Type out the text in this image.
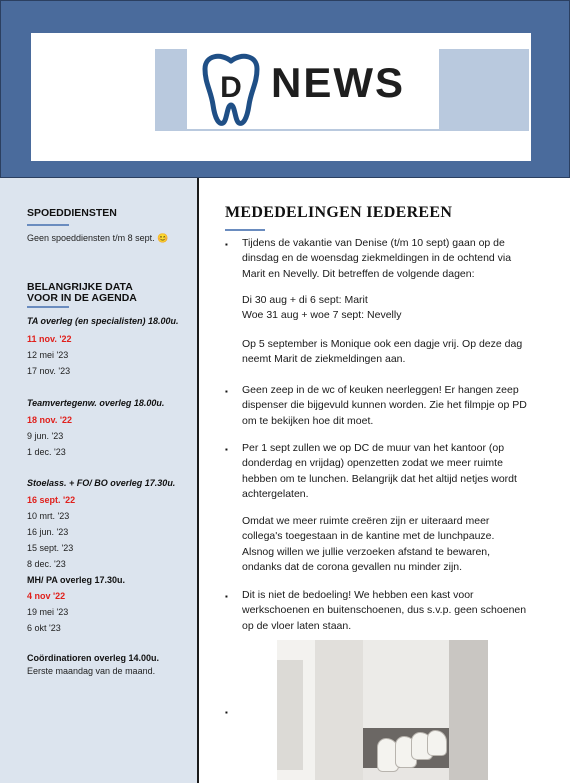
D NEWS
SPOEDDIENSTEN
Geen spoeddiensten t/m 8 sept. 😊
BELANGRIJKE DATA
VOOR IN DE AGENDA
TA overleg (en specialisten) 18.00u.
11 nov. '22
12 mei '23
17 nov. '23
Teamvertegenw. overleg 18.00u.
18 nov. '22
9 jun. '23
1 dec. '23
Stoelass. + FO/ BO overleg 17.30u.
16 sept. '22
10 mrt. '23
16 jun. '23
15 sept. '23
8 dec. '23
MH/ PA overleg 17.30u.
4 nov '22
19 mei '23
6 okt '23
Coördinatioren overleg 14.00u.
Eerste maandag van de maand.
MEDEDELINGEN IEDEREEN
▪ Tijdens de vakantie van Denise (t/m 10 sept) gaan op de
dinsdag en de woensdag ziekmeldingen in de ochtend via
Marit en Nevelly. Dit betreffen de volgende dagen:
Di 30 aug + di 6 sept: Marit
Woe 31 aug + woe 7 sept: Nevelly
Op 5 september is Monique ook een dagje vrij. Op deze dag
neemt Marit de ziekmeldingen aan.
▪ Geen zeep in de wc of keuken neerleggen! Er hangen zeep
dispenser die bijgevuld kunnen worden. Zie het filmpje op PD
om te bekijken hoe dit moet.
▪ Per 1 sept zullen we op DC de muur van het kantoor (op
donderdag en vrijdag) openzetten zodat we meer ruimte
hebben om te lunchen. Belangrijk dat het altijd netjes wordt
achtergelaten.
Omdat we meer ruimte creëren zijn er uiteraard meer
collega's toegestaan in de kantine met de lunchpauze.
Alsnog willen we jullie verzoeken afstand te bewaren,
ondanks dat de corona gevallen nu minder zijn.
▪ Dit is niet de bedoeling! We hebben een kast voor
werkschoenen en buitenschoenen, dus s.v.p. geen schoenen
op de vloer laten staan.
▪
